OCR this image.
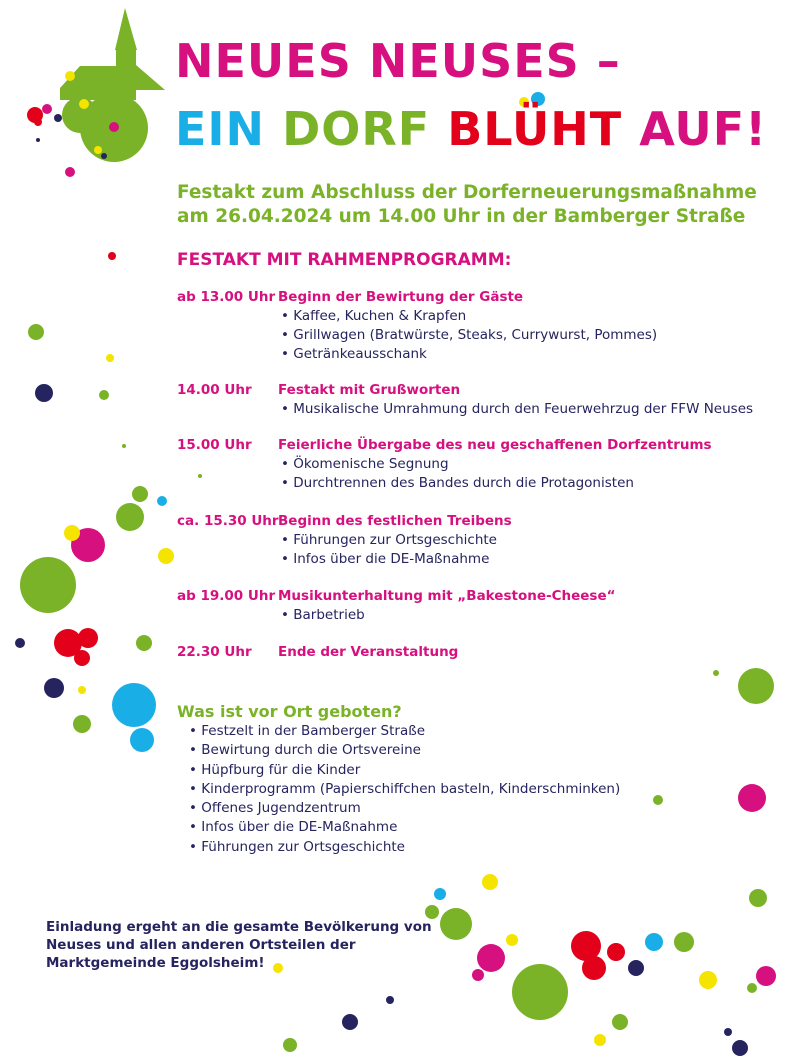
NEUES NEUSES –
EIN DORF BLÜHT AUF!
Festakt zum Abschluss der Dorferneuerungsmaßnahme
am 26.04.2024 um 14.00 Uhr in der Bamberger Straße
FESTAKT MIT RAHMENPROGRAMM:
ab 13.00 Uhr Beginn der Bewirtung der Gäste
• Kaffee, Kuchen & Krapfen
• Grillwagen (Bratwürste, Steaks, Currywurst, Pommes)
• Getränkeausschank
14.00 Uhr Festakt mit Grußworten
• Musikalische Umrahmung durch den Feuerwehrzug der FFW Neuses
15.00 Uhr Feierliche Übergabe des neu geschaffenen Dorfzentrums
• Ökomenische Segnung
• Durchtrennen des Bandes durch die Protagonisten
ca. 15.30 UhrBeginn des festlichen Treibens
• Führungen zur Ortsgeschichte
• Infos über die DE-Maßnahme
ab 19.00 Uhr Musikunterhaltung mit „Bakestone-Cheese“
• Barbetrieb
22.30 Uhr Ende der Veranstaltung
Was ist vor Ort geboten?
• Festzelt in der Bamberger Straße
• Bewirtung durch die Ortsvereine
• Hüpfburg für die Kinder
• Kinderprogramm (Papierschiffchen basteln, Kinderschminken)
• Offenes Jugendzentrum
• Infos über die DE-Maßnahme
• Führungen zur Ortsgeschichte
Einladung ergeht an die gesamte Bevölkerung von
Neuses und allen anderen Ortsteilen der
Marktgemeinde Eggolsheim!
